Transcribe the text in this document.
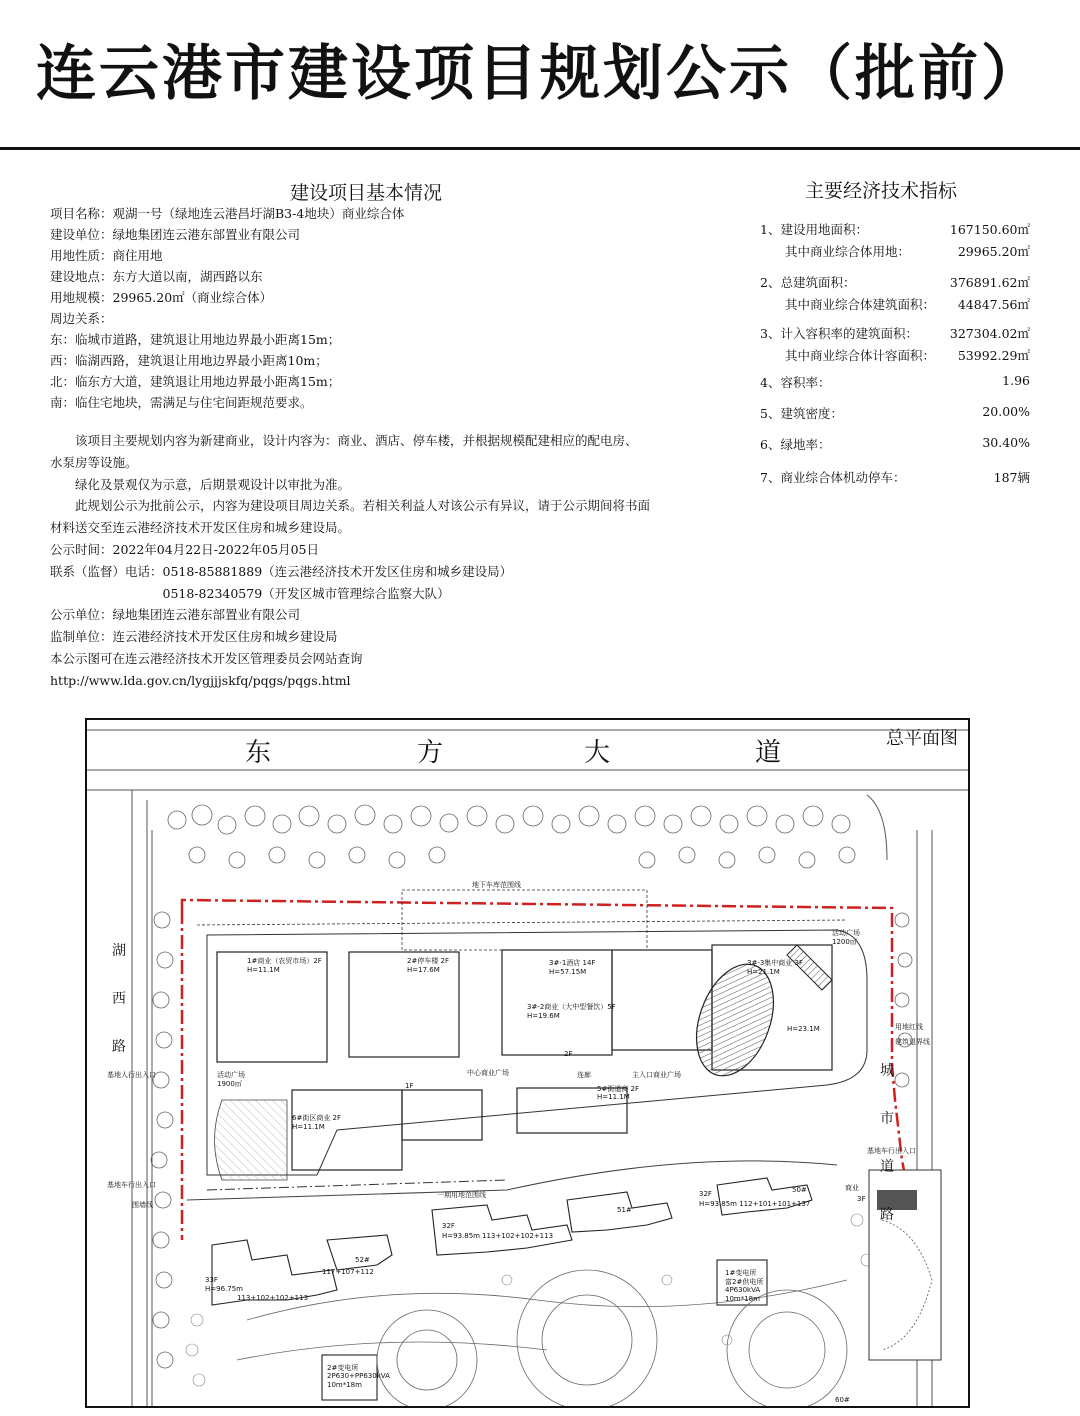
连云港市建设项目规划公示（批前）
建设项目基本情况
项目名称：观湖一号（绿地连云港昌圩湖B3-4地块）商业综合体
建设单位：绿地集团连云港东部置业有限公司
用地性质：商住用地
建设地点：东方大道以南，湖西路以东
用地规模：29965.20㎡（商业综合体）
周边关系：
东：临城市道路，建筑退让用地边界最小距离15m；
西：临湖西路，建筑退让用地边界最小距离10m；
北：临东方大道，建筑退让用地边界最小距离15m；
南：临住宅地块，需满足与住宅间距规范要求。
　　该项目主要规划内容为新建商业，设计内容为：商业、酒店、停车楼，并根据规模配建相应的配电房、
水泵房等设施。
　　绿化及景观仅为示意，后期景观设计以审批为准。
　　此规划公示为批前公示，内容为建设项目周边关系。若相关利益人对该公示有异议，请于公示期间将书面
材料送交至连云港经济技术开发区住房和城乡建设局。
公示时间：2022年04月22日-2022年05月05日
联系（监督）电话：0518-85881889（连云港经济技术开发区住房和城乡建设局）
　　　　　　　　　0518-82340579（开发区城市管理综合监察大队）
公示单位：绿地集团连云港东部置业有限公司
监制单位：连云港经济技术开发区住房和城乡建设局
本公示图可在连云港经济技术开发区管理委员会网站查询
http://www.lda.gov.cn/lygjjjskfq/pqgs/pqgs.html
主要经济技术指标
1、建设用地面积：	167150.60㎡
　　其中商业综合体用地：	29965.20㎡
2、总建筑面积：	376891.62㎡
　　其中商业综合体建筑面积： 44847.56㎡
3、计入容积率的建筑面积：	327304.02㎡
　　其中商业综合体计容面积： 53992.29㎡
4、容积率：	1.96
5、建筑密度：	20.00%
6、绿地率：	30.40%
7、商业综合体机动停车：	187辆
东	方	大	道	总平面图
湖
西
路
城
市
道
路
1#商业（农贸市场）2F
H=11.1M
2#停车楼 2F
H=17.6M
3#-1酒店 14F
H=57.15M
3#-2商业（大中型餐饮）5F
H=19.6M
3#-3集中商业 3F
H=21.1M
H=23.1M
5#街道商 2F
H=11.1M
6#街区商业 2F
H=11.1M
中心商业广场	主入口商业广场
活动广场
1900㎡
活动广场
1200㎡
地下车库范围线
一期用地范围线
围墙线
基地人行出入口
基地车行出入口
用地红线
建筑退界线
基地车行出入口
1F
2F
3F
连廊
33F
H=96.75m
113+102+102+113
117+107+112
52#
32F
H=93.85m 113+102+102+113
51#
32F
H=93.85m 112+101+101+137
50#
1#变电所
富2#供电所
4P630kVA
10m*18m
2#变电所
2P630+PP630kVA
10m*18m
60#
商业
